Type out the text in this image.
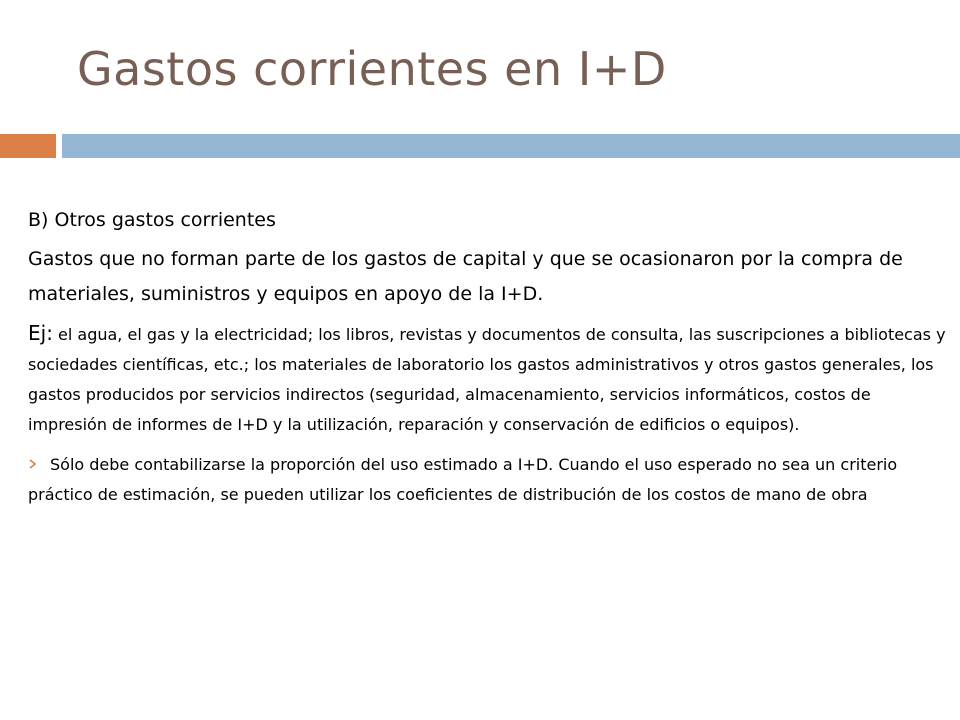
Gastos corrientes en I+D

B) Otros gastos corrientes

Gastos que no forman parte de los gastos de capital y que se ocasionaron por la compra de materiales, suministros y equipos en apoyo de la I+D.

Ej: el agua, el gas y la electricidad; los libros, revistas y documentos de consulta, las suscripciones a bibliotecas y sociedades científicas, etc.; los materiales de laboratorio los gastos administrativos y otros gastos generales, los gastos producidos por servicios indirectos (seguridad, almacenamiento, servicios informáticos, costos de impresión de informes de I+D y la utilización, reparación y conservación de edificios o equipos).

Sólo debe contabilizarse la proporción del uso estimado a I+D. Cuando el uso esperado no sea un criterio práctico de estimación, se pueden utilizar los coeficientes de distribución de los costos de mano de obra
